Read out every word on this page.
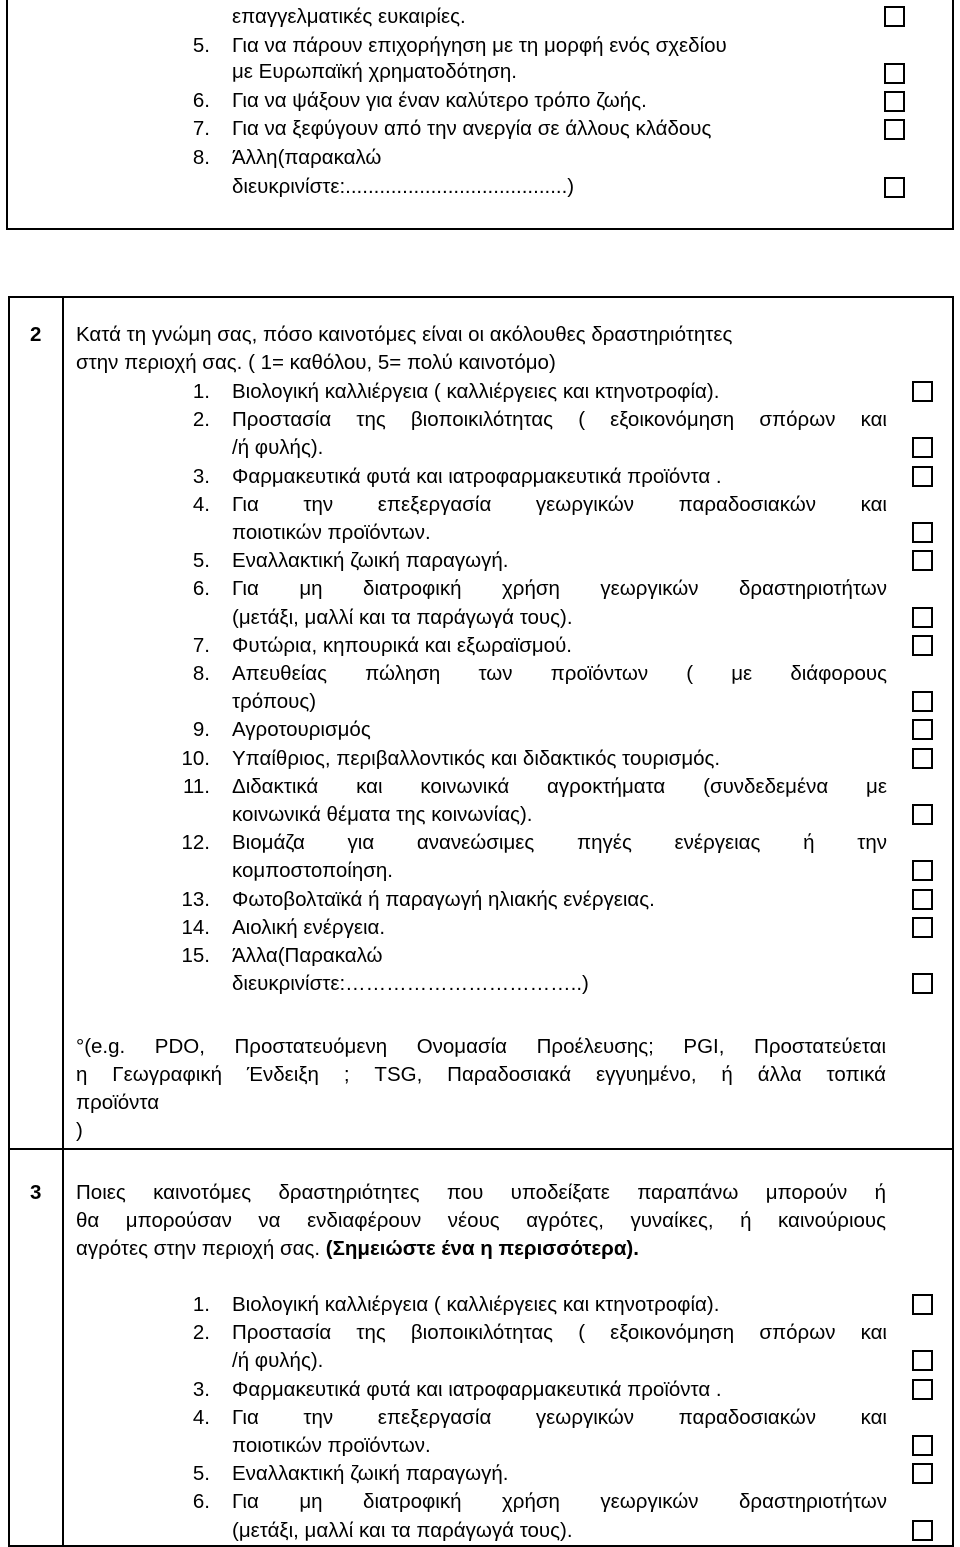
επαγγελματικές ευκαιρίες.
5. Για να πάρουν επιχορήγηση με τη μορφή ενός σχεδίου
με Ευρωπαϊκή χρηματοδότηση.
6. Για να ψάξουν για έναν καλύτερο τρόπο ζωής.
7. Για να ξεφύγουν από την ανεργία σε άλλους κλάδους
8. Άλλη(παρακαλώ
διευκρινίστε:.......................................)
2 Κατά τη γνώμη σας, πόσο καινοτόμες είναι οι ακόλουθες δραστηριότητες
στην περιοχή σας. ( 1= καθόλου, 5= πολύ καινοτόμο)
1. Βιολογική καλλιέργεια ( καλλιέργειες και κτηνοτροφία).
2. Προστασία της βιοποικιλότητας ( εξοικονόμηση σπόρων και
/ή φυλής).
3. Φαρμακευτικά φυτά και ιατροφαρμακευτικά προϊόντα .
4. Για την επεξεργασία γεωργικών παραδοσιακών και
ποιοτικών προϊόντων.
5. Εναλλακτική ζωική παραγωγή.
6. Για μη διατροφική χρήση γεωργικών δραστηριοτήτων
(μετάξι, μαλλί και τα παράγωγά τους).
7. Φυτώρια, κηπουρικά και εξωραϊσμού.
8. Απευθείας πώληση των προϊόντων ( με διάφορους
τρόπους)
9. Αγροτουρισμός
10. Υπαίθριος, περιβαλλοντικός και διδακτικός τουρισμός.
11. Διδακτικά και κοινωνικά αγροκτήματα (συνδεδεμένα με
κοινωνικά θέματα της κοινωνίας).
12. Βιομάζα για ανανεώσιμες πηγές ενέργειας ή την
κομποστοποίηση.
13. Φωτοβολταϊκά ή παραγωγή ηλιακής ενέργειας.
14. Αιολική ενέργεια.
15. Άλλα(Παρακαλώ
διευκρινίστε:……………………………..)
°(e.g. PDO, Προστατευόμενη Ονομασία Προέλευσης; PGI, Προστατεύεται
η Γεωγραφική Ένδειξη ; TSG, Παραδοσιακά εγγυημένο, ή άλλα τοπικά
προϊόντα
)
3 Ποιες καινοτόμες δραστηριότητες που υποδείξατε παραπάνω μπορούν ή
θα μπορούσαν να ενδιαφέρουν νέους αγρότες, γυναίκες, ή καινούριους
αγρότες στην περιοχή σας. (Σημειώστε ένα η περισσότερα).
1. Βιολογική καλλιέργεια ( καλλιέργειες και κτηνοτροφία).
2. Προστασία της βιοποικιλότητας ( εξοικονόμηση σπόρων και
/ή φυλής).
3. Φαρμακευτικά φυτά και ιατροφαρμακευτικά προϊόντα .
4. Για την επεξεργασία γεωργικών παραδοσιακών και
ποιοτικών προϊόντων.
5. Εναλλακτική ζωική παραγωγή.
6. Για μη διατροφική χρήση γεωργικών δραστηριοτήτων
(μετάξι, μαλλί και τα παράγωγά τους).
